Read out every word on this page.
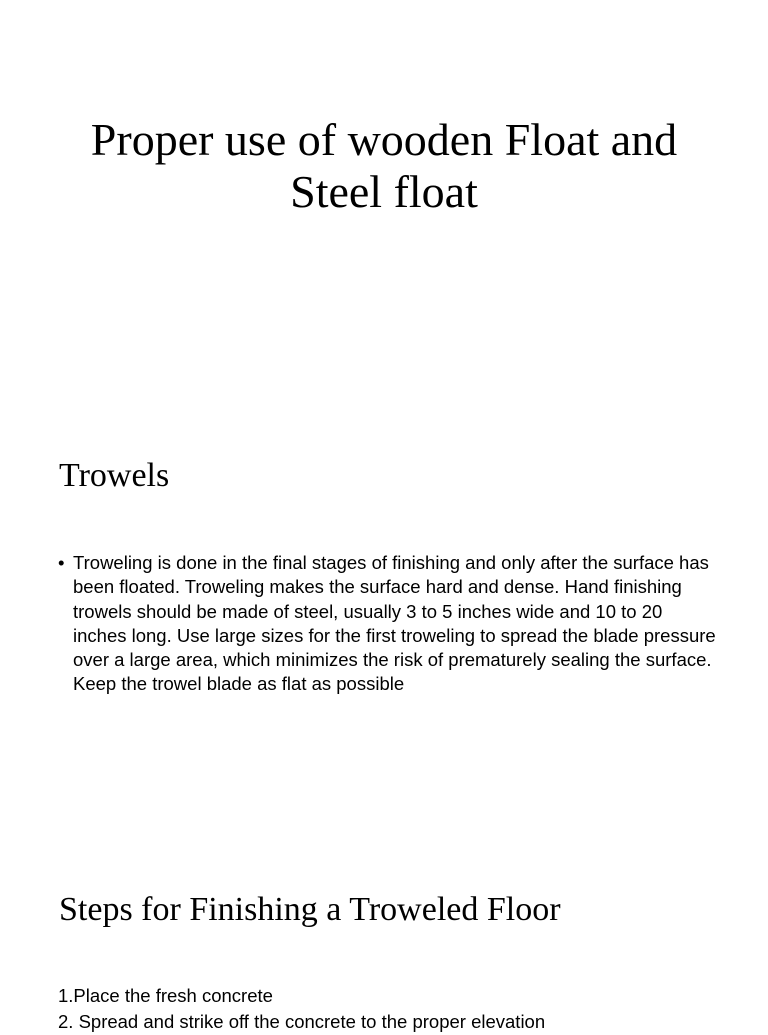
Proper use of wooden Float and Steel float
Trowels
• Troweling is done in the final stages of finishing and only after the surface has been floated. Troweling makes the surface hard and dense. Hand finishing trowels should be made of steel, usually 3 to 5 inches wide and 10 to 20 inches long. Use large sizes for the first troweling to spread the blade pressure over a large area, which minimizes the risk of prematurely sealing the surface. Keep the trowel blade as flat as possible
Steps for Finishing a Troweled Floor
1.Place the fresh concrete
2. Spread and strike off the concrete to the proper elevation
